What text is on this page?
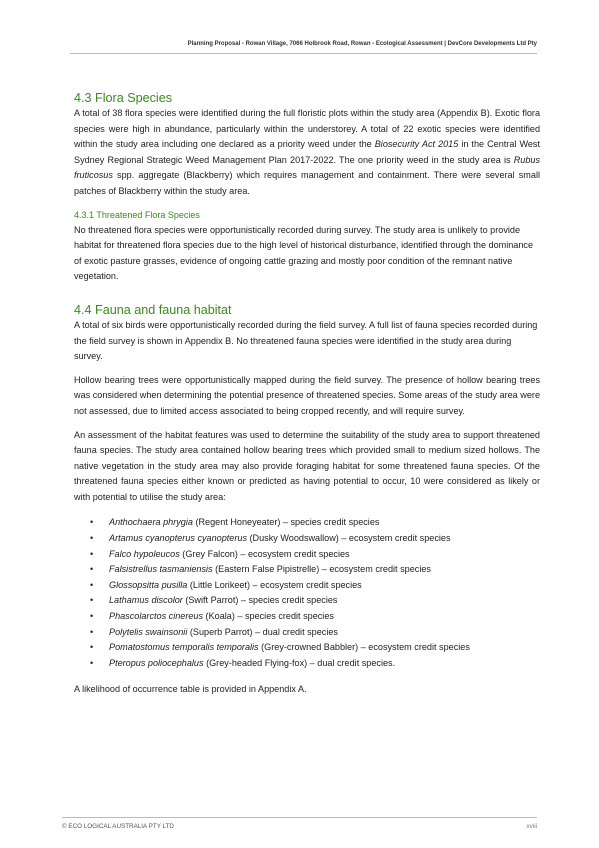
Planning Proposal - Rowan Village, 7066 Holbrook Road, Rowan - Ecological Assessment | DevCore Developments Ltd Pty
4.3 Flora Species

A total of 38 flora species were identified during the full floristic plots within the study area (Appendix B). Exotic flora species were high in abundance, particularly within the understorey. A total of 22 exotic species were identified within the study area including one declared as a priority weed under the Biosecurity Act 2015 in the Central West Sydney Regional Strategic Weed Management Plan 2017-2022. The one priority weed in the study area is Rubus fruticosus spp. aggregate (Blackberry) which requires management and containment. There were several small patches of Blackberry within the study area.

4.3.1 Threatened Flora Species

No threatened flora species were opportunistically recorded during survey. The study area is unlikely to provide habitat for threatened flora species due to the high level of historical disturbance, identified through the dominance of exotic pasture grasses, evidence of ongoing cattle grazing and mostly poor condition of the remnant native vegetation.

4.4 Fauna and fauna habitat

A total of six birds were opportunistically recorded during the field survey. A full list of fauna species recorded during the field survey is shown in Appendix B. No threatened fauna species were identified in the study area during survey.

Hollow bearing trees were opportunistically mapped during the field survey. The presence of hollow bearing trees was considered when determining the potential presence of threatened species. Some areas of the study area were not assessed, due to limited access associated to being cropped recently, and will require survey.

An assessment of the habitat features was used to determine the suitability of the study area to support threatened fauna species. The study area contained hollow bearing trees which provided small to medium sized hollows. The native vegetation in the study area may also provide foraging habitat for some threatened fauna species. Of the threatened fauna species either known or predicted as having potential to occur, 10 were considered as likely or with potential to utilise the study area:

• Anthochaera phrygia (Regent Honeyeater) – species credit species
• Artamus cyanopterus cyanopterus (Dusky Woodswallow) – ecosystem credit species
• Falco hypoleucos (Grey Falcon) – ecosystem credit species
• Falsistrellus tasmaniensis (Eastern False Pipistrelle) – ecosystem credit species
• Glossopsitta pusilla (Little Lorikeet) – ecosystem credit species
• Lathamus discolor (Swift Parrot) – species credit species
• Phascolarctos cinereus (Koala) – species credit species
• Polytelis swainsonii (Superb Parrot) – dual credit species
• Pomatostomus temporalis temporalis (Grey-crowned Babbler) – ecosystem credit species
• Pteropus poliocephalus (Grey-headed Flying-fox) – dual credit species.

A likelihood of occurrence table is provided in Appendix A.

© ECO LOGICAL AUSTRALIA PTY LTD	xviii
